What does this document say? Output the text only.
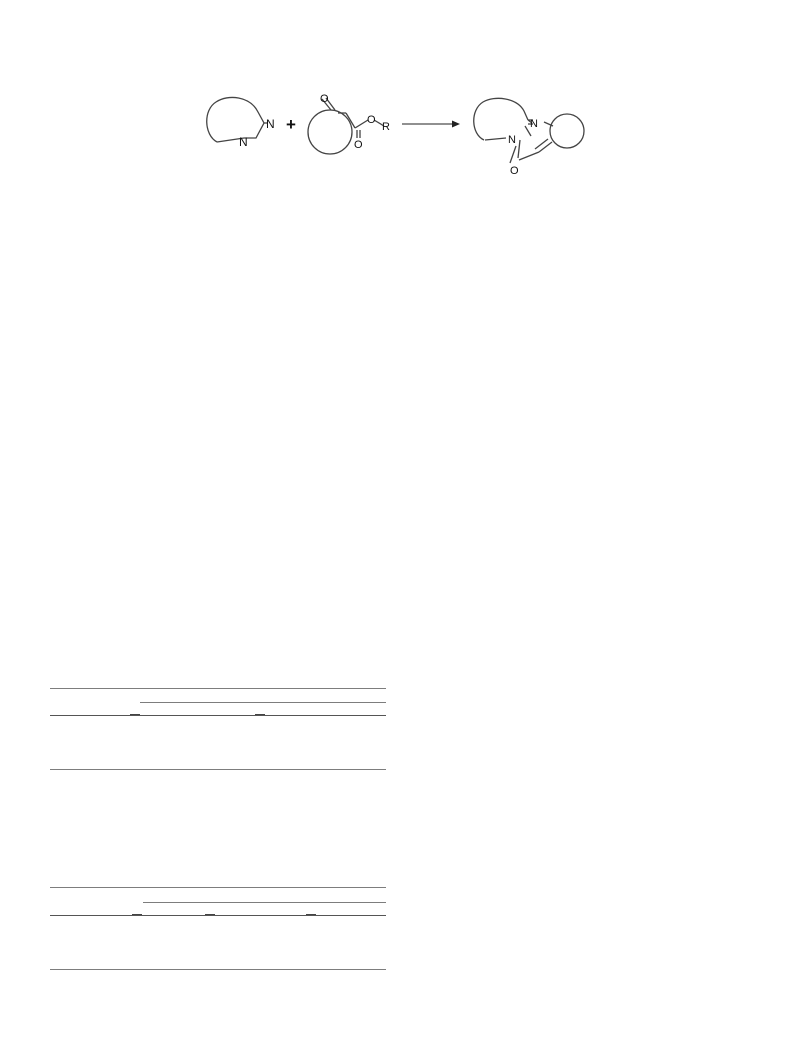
N
N
+
O
O
O
R	N
N
O
